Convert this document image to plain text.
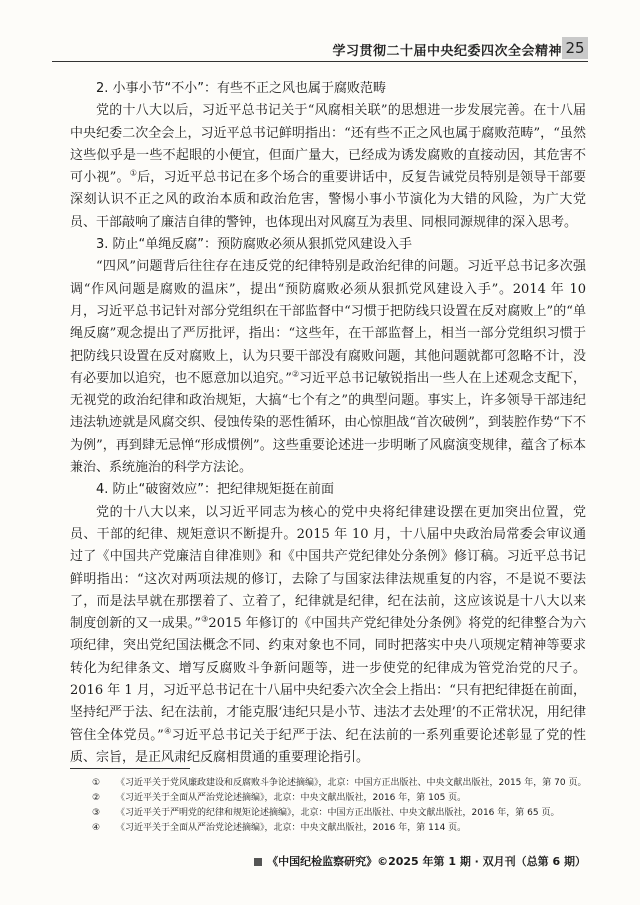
学习贯彻二十届中央纪委四次全会精神 25
2. 小事小节“不小”：有些不正之风也属于腐败范畴

党的十八大以后，习近平总书记关于“风腐相关联”的思想进一步发展完善。在十八届中央纪委二次全会上，习近平总书记鲜明指出：“还有些不正之风也属于腐败范畴”，“虽然这些似乎是一些不起眼的小便宜，但面广量大，已经成为诱发腐败的直接动因，其危害不可小视”。①后，习近平总书记在多个场合的重要讲话中，反复告诫党员特别是领导干部要深刻认识不正之风的政治本质和政治危害，警惕小事小节演化为大错的风险，为广大党员、干部敲响了廉洁自律的警钟，也体现出对风腐互为表里、同根同源规律的深入思考。

3. 防止“单绳反腐”：预防腐败必须从狠抓党风建设入手

“四风”问题背后往往存在违反党的纪律特别是政治纪律的问题。习近平总书记多次强调“作风问题是腐败的温床”，提出“预防腐败必须从狠抓党风建设入手”。2014 年 10 月，习近平总书记针对部分党组织在干部监督中“习惯于把防线只设置在反对腐败上”的“单绳反腐”观念提出了严厉批评，指出：“这些年，在干部监督上，相当一部分党组织习惯于把防线只设置在反对腐败上，认为只要干部没有腐败问题，其他问题就都可忽略不计，没有必要加以追究，也不愿意加以追究。”②习近平总书记敏锐指出一些人在上述观念支配下，无视党的政治纪律和政治规矩，大搞“七个有之”的典型问题。事实上，许多领导干部违纪违法轨迹就是风腐交织、侵蚀传染的恶性循环，由心惊胆战“首次破例”，到装腔作势“下不为例”，再到肆无忌惮“形成惯例”。这些重要论述进一步明晰了风腐演变规律，蕴含了标本兼治、系统施治的科学方法论。

4. 防止“破窗效应”：把纪律规矩挺在前面

党的十八大以来，以习近平同志为核心的党中央将纪律建设摆在更加突出位置，党员、干部的纪律、规矩意识不断提升。2015 年 10 月，十八届中央政治局常委会审议通过了《中国共产党廉洁自律准则》和《中国共产党纪律处分条例》修订稿。习近平总书记鲜明指出：“这次对两项法规的修订，去除了与国家法律法规重复的内容，不是说不要法了，而是法早就在那摆着了、立着了，纪律就是纪律，纪在法前，这应该说是十八大以来制度创新的又一成果。”③2015 年修订的《中国共产党纪律处分条例》将党的纪律整合为六项纪律，突出党纪国法概念不同、约束对象也不同，同时把落实中央八项规定精神等要求转化为纪律条文、增写反腐败斗争新问题等，进一步使党的纪律成为管党治党的尺子。2016 年 1 月，习近平总书记在十八届中央纪委六次全会上指出：“只有把纪律挺在前面，坚持纪严于法、纪在法前，才能克服‘违纪只是小节、违法才去处理’的不正常状况，用纪律管住全体党员。”④习近平总书记关于纪严于法、纪在法前的一系列重要论述彰显了党的性质、宗旨，是正风肃纪反腐相贯通的重要理论指引。

① 《习近平关于党风廉政建设和反腐败斗争论述摘编》，北京：中国方正出版社、中央文献出版社，2015 年，第 70 页。
② 《习近平关于全面从严治党论述摘编》，北京：中央文献出版社，2016 年，第 105 页。
③ 《习近平关于严明党的纪律和规矩论述摘编》，北京：中国方正出版社、中央文献出版社，2016 年，第 65 页。
④ 《习近平关于全面从严治党论述摘编》，北京：中央文献出版社，2016 年，第 114 页。
《中国纪检监察研究》©2025 年第 1 期 · 双月刊（总第 6 期）
